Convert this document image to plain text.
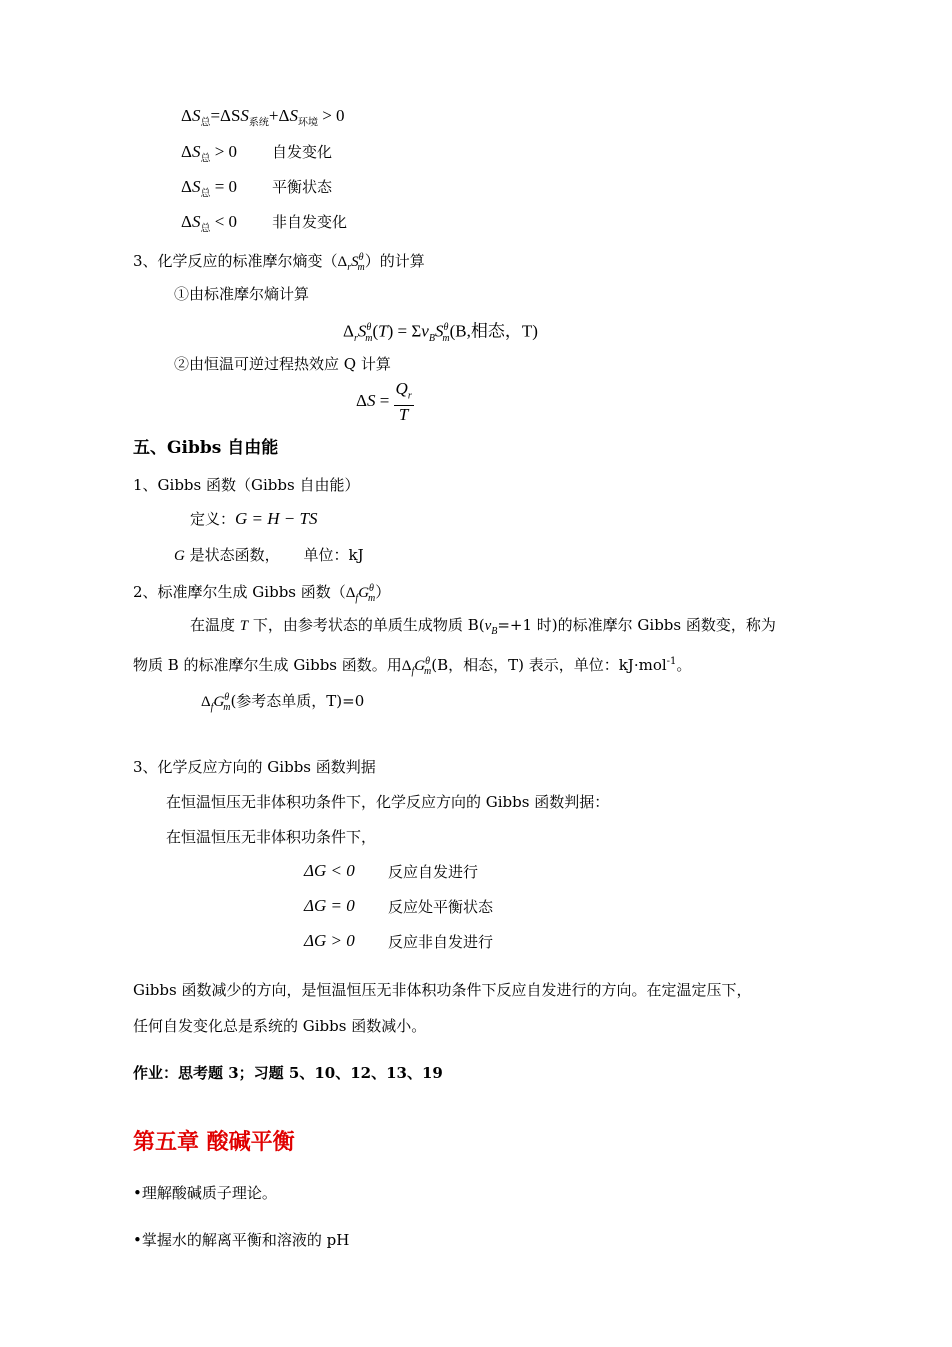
$\Delta S_总=\Delta SS_{系统}+\Delta S_{环境} > 0$
$\Delta S_总 > 0$ 自发变化
$\Delta S_总 = 0$ 平衡状态
$\Delta S_总 < 0$ 非自发变化
3、化学反应的标准摩尔熵变$(\Delta_rS^\theta_m)$的计算
①由标准摩尔熵计算
$\Delta_rS^\theta_m(T) = \Sigma\nu_BS^\theta_m(B$,相态，T)
②由恒温可逆过程热效应 Q 计算
$\Delta S = \frac{Q_r}{T}$
五、Gibbs 自由能
1、Gibbs 函数（Gibbs 自由能）
定义：G = H − TS
G 是状态函数， 单位：kJ
2、标准摩尔生成 Gibbs 函数$(\Delta_fG^\theta_m)$
在温度 T 下，由参考状态的单质生成物质 $B(v_B=+1$ 时)的标准摩尔 Gibbs 函数变，称为
物质 B 的标准摩尔生成 Gibbs 函数。用$\Delta_fG^\theta_m(B$，相态，T) 表示，单位：kJ·mol$^{-1}$。
$\Delta_fG^\theta_m$(参考态单质，T)=0
3、化学反应方向的 Gibbs 函数判据
在恒温恒压无非体积功条件下，化学反应方向的 Gibbs 函数判据：
在恒温恒压无非体积功条件下，
ΔG < 0 反应自发进行
ΔG = 0 反应处平衡状态
ΔG > 0 反应非自发进行
Gibbs 函数减少的方向，是恒温恒压无非体积功条件下反应自发进行的方向。在定温定压下，
任何自发变化总是系统的 Gibbs 函数减小。
作业：思考题 3；习题 5、10、12、13、19
第五章 酸碱平衡
•理解酸碱质子理论。
•掌握水的解离平衡和溶液的 pH
